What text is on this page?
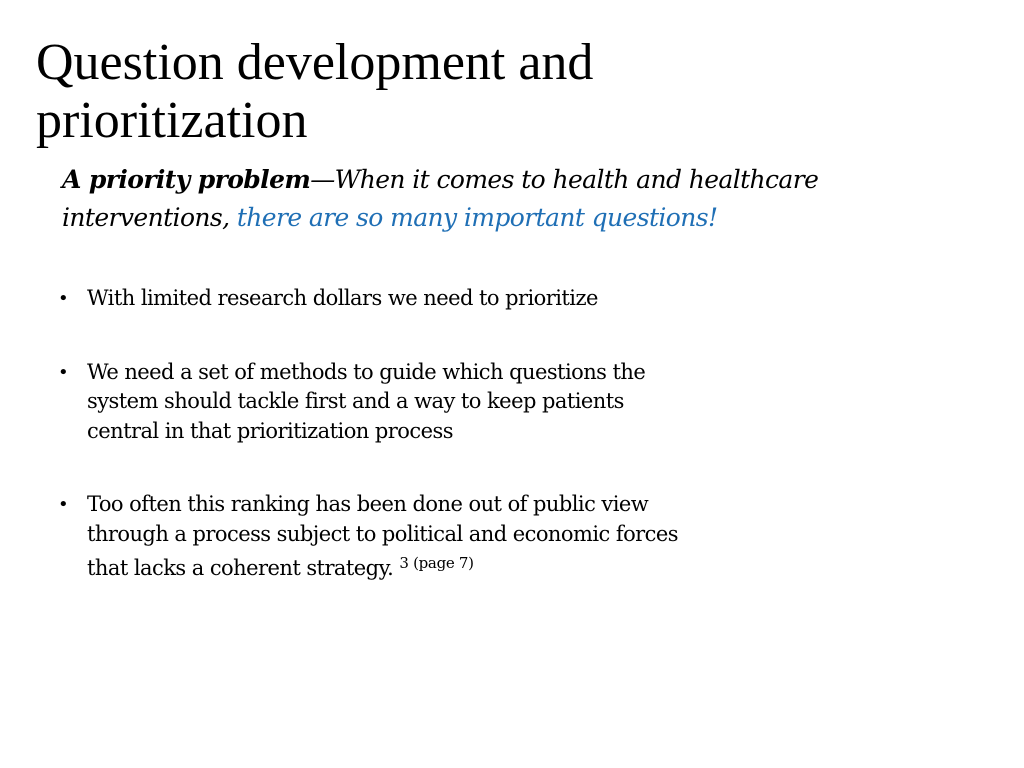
Question development and
prioritization
A priority problem—When it comes to health and healthcare interventions, there are so many important questions!
• With limited research dollars we need to prioritize
• We need a set of methods to guide which questions the system should tackle first and a way to keep patients central in that prioritization process
• Too often this ranking has been done out of public view through a process subject to political and economic forces that lacks a coherent strategy. $^{3 (page 7)}$
